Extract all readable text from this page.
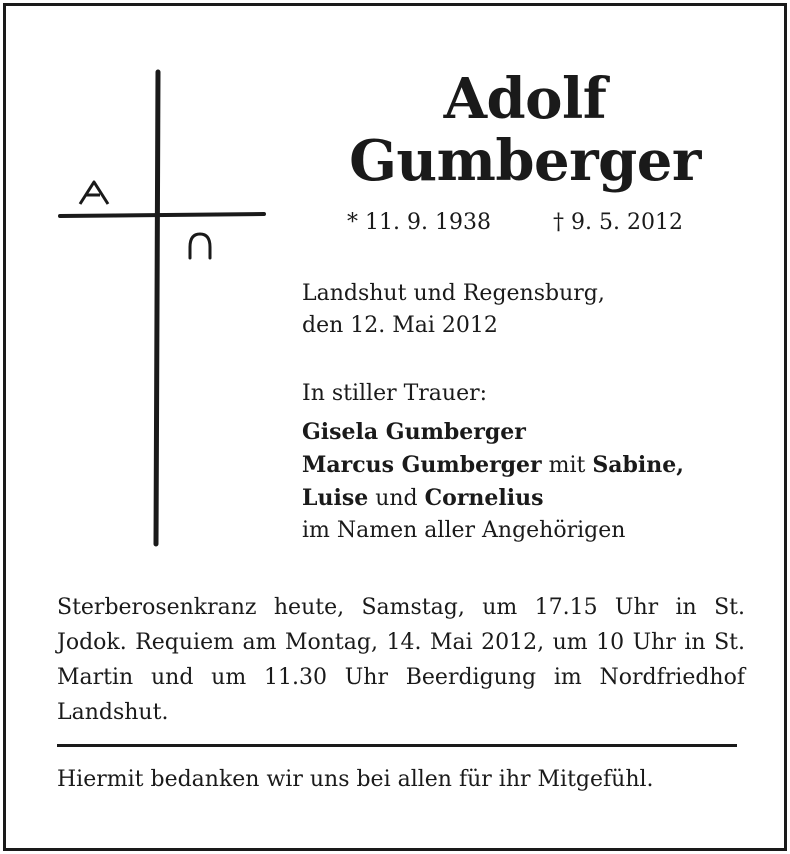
Adolf
Gumberger
* 11. 9. 1938	† 9. 5. 2012
Landshut und Regensburg,
den 12. Mai 2012
In stiller Trauer:
Gisela Gumberger
Marcus Gumberger mit Sabine,
Luise und Cornelius
im Namen aller Angehörigen
Sterberosenkranz heute, Samstag, um 17.15 Uhr in St. Jodok. Requiem am Montag, 14. Mai 2012, um 10 Uhr in St. Martin und um 11.30 Uhr Beerdigung im Nordfriedhof Landshut.
Hiermit bedanken wir uns bei allen für ihr Mitgefühl.
